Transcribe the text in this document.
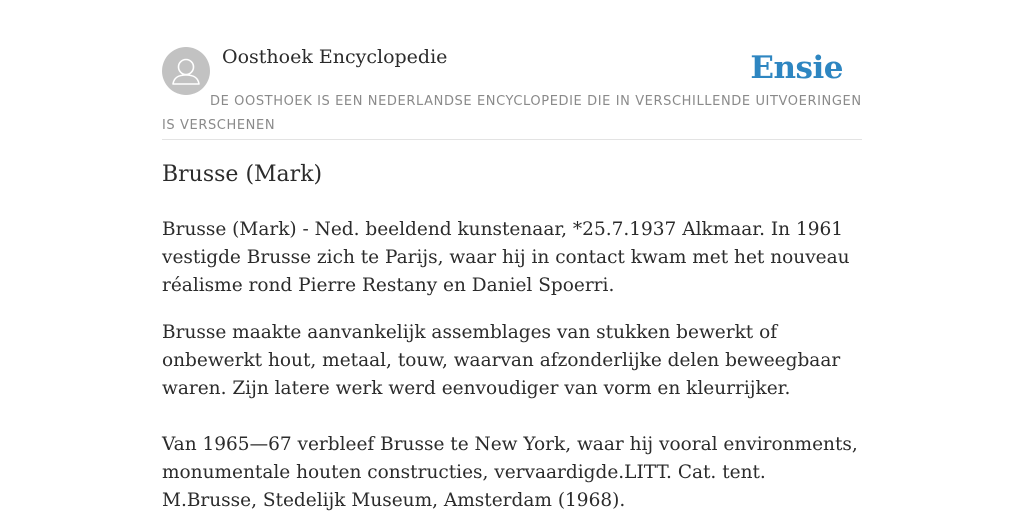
Oosthoek Encyclopedie	Ensie
DE OOSTHOEK IS EEN NEDERLANDSE ENCYCLOPEDIE DIE IN VERSCHILLENDE UITVOERINGEN IS VERSCHENEN
Brusse (Mark)

Brusse (Mark) - Ned. beeldend kunstenaar, *25.7.1937 Alkmaar. In 1961 vestigde Brusse zich te Parijs, waar hij in contact kwam met het nouveau réalisme rond Pierre Restany en Daniel Spoerri.

Brusse maakte aanvankelijk assemblages van stukken bewerkt of onbewerkt hout, metaal, touw, waarvan afzonderlijke delen beweegbaar waren. Zijn latere werk werd eenvoudiger van vorm en kleurrijker.

Van 1965—67 verbleef Brusse te New York, waar hij vooral environments, monumentale houten constructies, vervaardigde.LITT. Cat. tent. M.Brusse, Stedelijk Museum, Amsterdam (1968).
